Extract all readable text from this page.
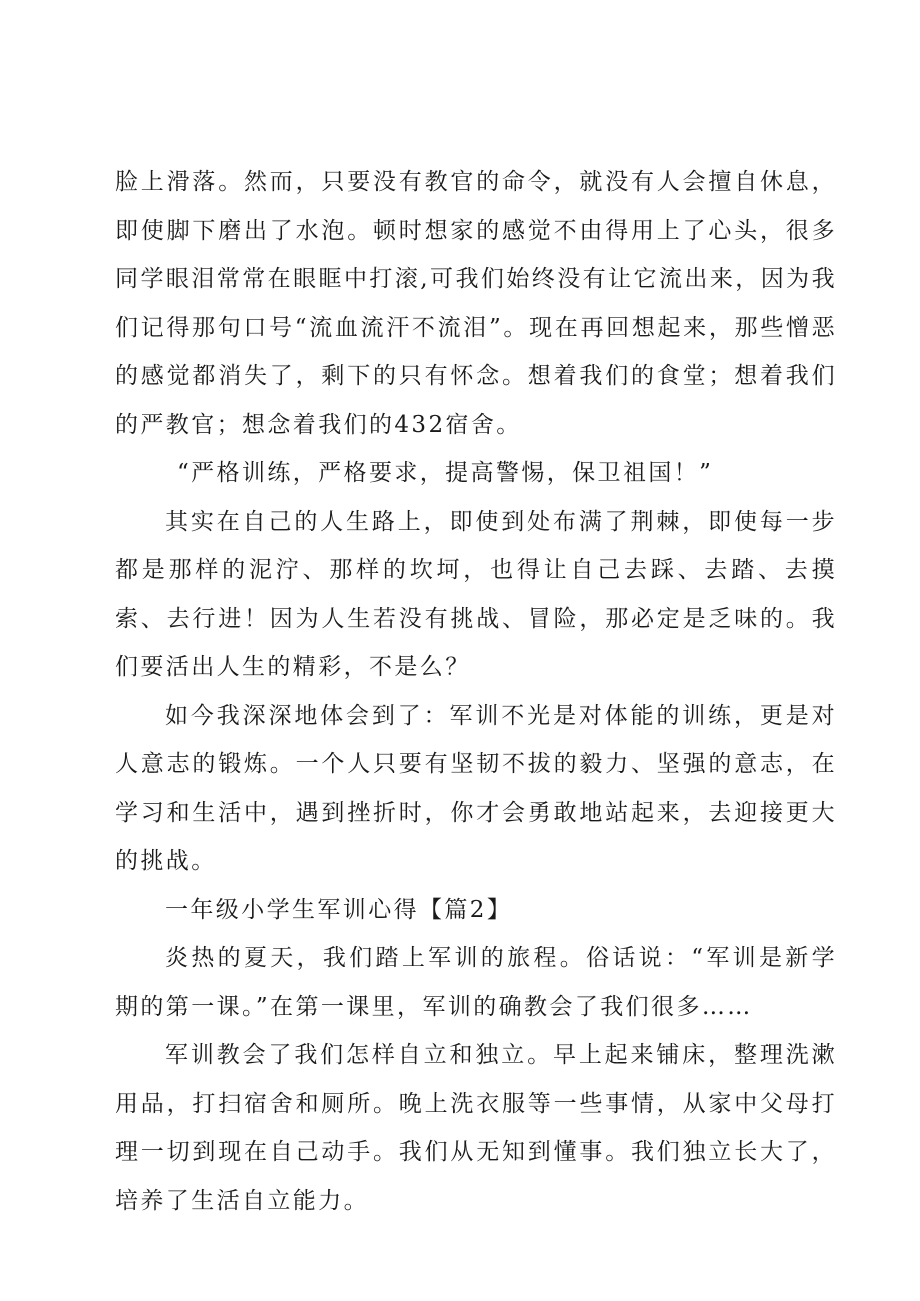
脸上滑落。然而，只要没有教官的命令，就没有人会擅自休息，即使脚下磨出了水泡。顿时想家的感觉不由得用上了心头，很多同学眼泪常常在眼眶中打滚,可我们始终没有让它流出来，因为我们记得那句口号“流血流汗不流泪”。现在再回想起来，那些憎恶的感觉都消失了，剩下的只有怀念。想着我们的食堂；想着我们的严教官；想念着我们的432宿舍。

“严格训练，严格要求，提高警惕，保卫祖国！”

其实在自己的人生路上，即使到处布满了荆棘，即使每一步都是那样的泥泞、那样的坎坷，也得让自己去踩、去踏、去摸索、去行进！因为人生若没有挑战、冒险，那必定是乏味的。我们要活出人生的精彩，不是么？

如今我深深地体会到了：军训不光是对体能的训练，更是对人意志的锻炼。一个人只要有坚韧不拔的毅力、坚强的意志，在学习和生活中，遇到挫折时，你才会勇敢地站起来，去迎接更大的挑战。

一年级小学生军训心得【篇2】

炎热的夏天，我们踏上军训的旅程。俗话说：“军训是新学期的第一课。”在第一课里，军训的确教会了我们很多……

军训教会了我们怎样自立和独立。早上起来铺床，整理洗漱用品，打扫宿舍和厕所。晚上洗衣服等一些事情，从家中父母打理一切到现在自己动手。我们从无知到懂事。我们独立长大了，培养了生活自立能力。
